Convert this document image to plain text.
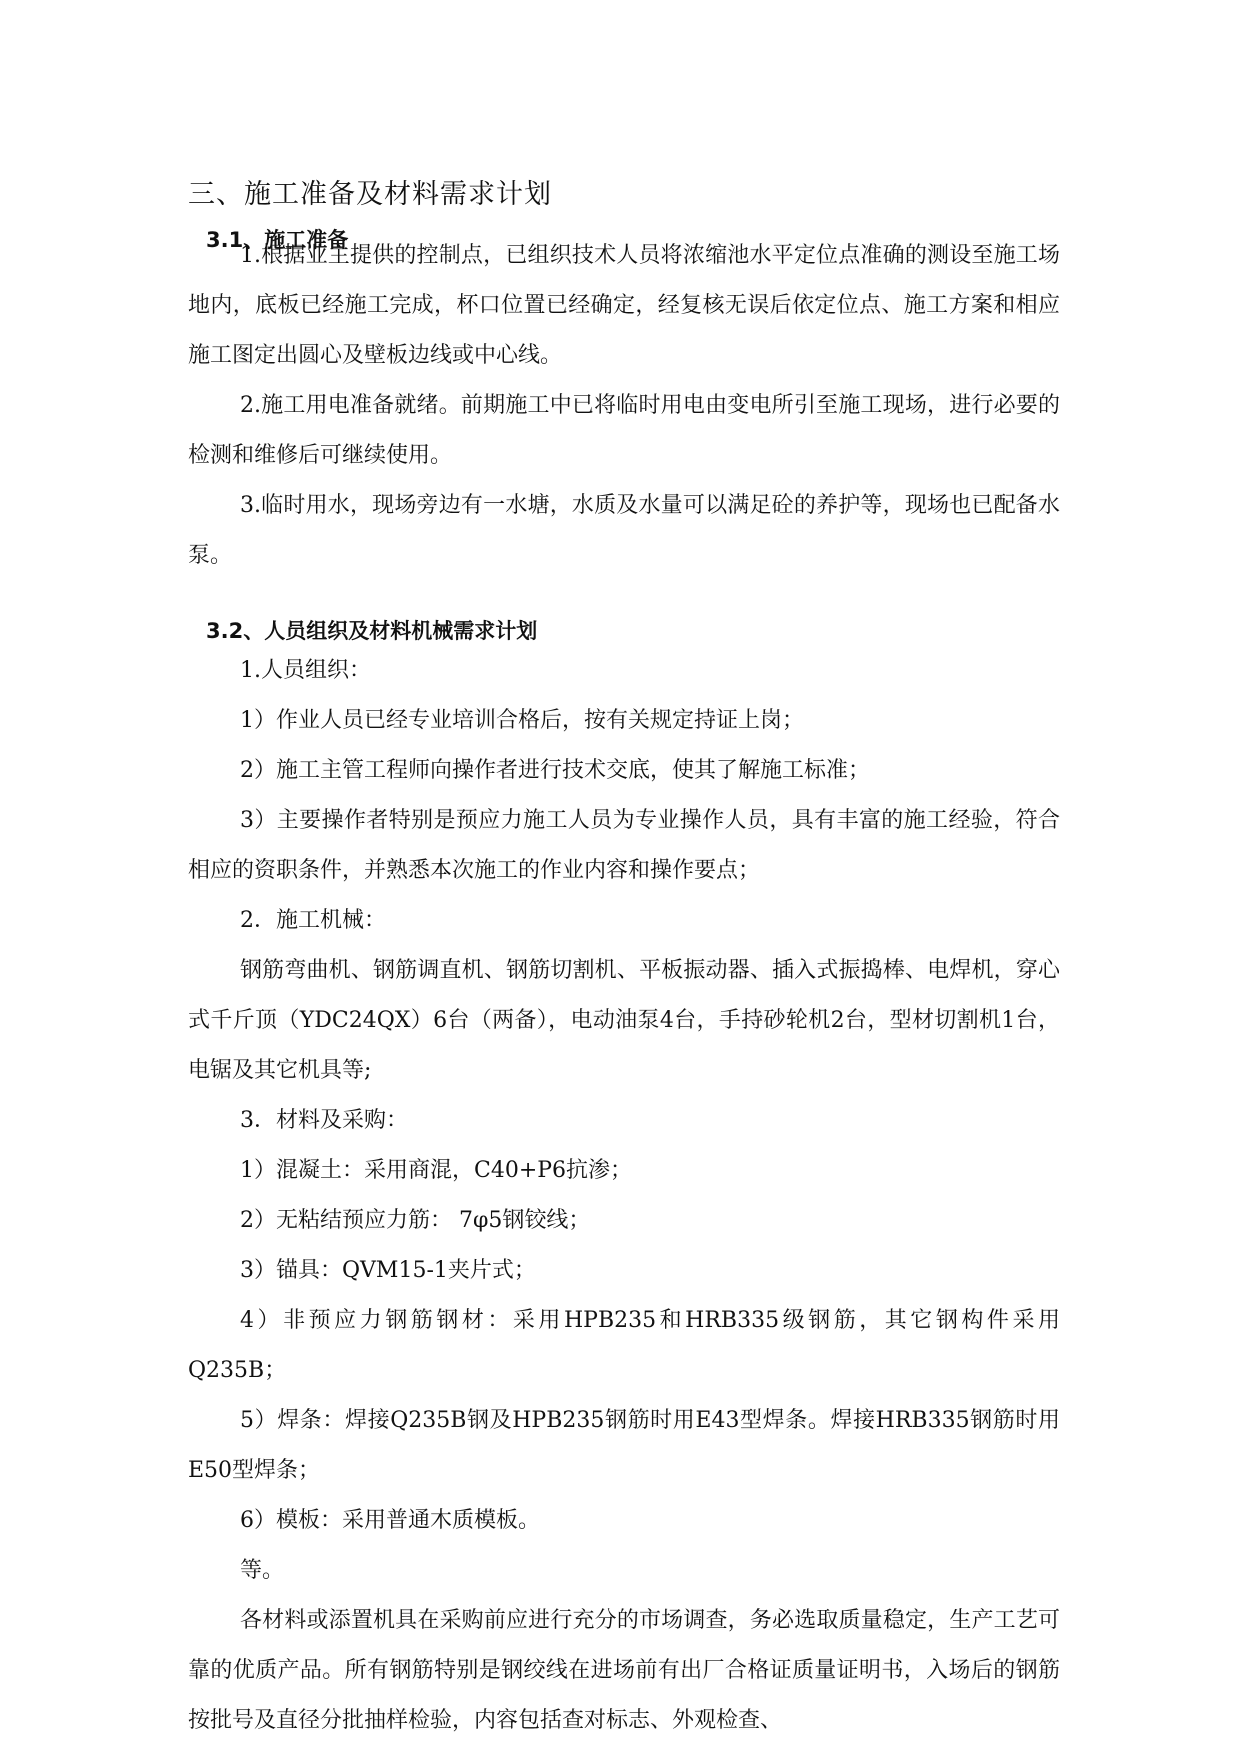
三、施工准备及材料需求计划
3.1、施工准备

1.根据业主提供的控制点，已组织技术人员将浓缩池水平定位点准确的测设至施工场地内，底板已经施工完成，杯口位置已经确定，经复核无误后依定位点、施工方案和相应施工图定出圆心及壁板边线或中心线。

2.施工用电准备就绪。前期施工中已将临时用电由变电所引至施工现场，进行必要的检测和维修后可继续使用。

3.临时用水，现场旁边有一水塘，水质及水量可以满足砼的养护等，现场也已配备水泵。

3.2、人员组织及材料机械需求计划

1.人员组织：

1）作业人员已经专业培训合格后，按有关规定持证上岗；

2）施工主管工程师向操作者进行技术交底，使其了解施工标准；

3）主要操作者特别是预应力施工人员为专业操作人员，具有丰富的施工经验，符合相应的资职条件，并熟悉本次施工的作业内容和操作要点；

2．施工机械：

钢筋弯曲机、钢筋调直机、钢筋切割机、平板振动器、插入式振捣棒、电焊机，穿心式千斤顶（YDC24QX）6台（两备），电动油泵4台，手持砂轮机2台，型材切割机1台，电锯及其它机具等;

3．材料及采购：

1）混凝土：采用商混，C40+P6抗渗；

2）无粘结预应力筋： 7φ5钢铰线；

3）锚具：QVM15-1夹片式；

4）非预应力钢筋钢材：采用HPB235和HRB335级钢筋，其它钢构件采用Q235B；

5）焊条：焊接Q235B钢及HPB235钢筋时用E43型焊条。焊接HRB335钢筋时用E50型焊条；

6）模板：采用普通木质模板。

等。

各材料或添置机具在采购前应进行充分的市场调查，务必选取质量稳定，生产工艺可靠的优质产品。所有钢筋特别是钢绞线在进场前有出厂合格证质量证明书，入场后的钢筋按批号及直径分批抽样检验，内容包括查对标志、外观检查、
